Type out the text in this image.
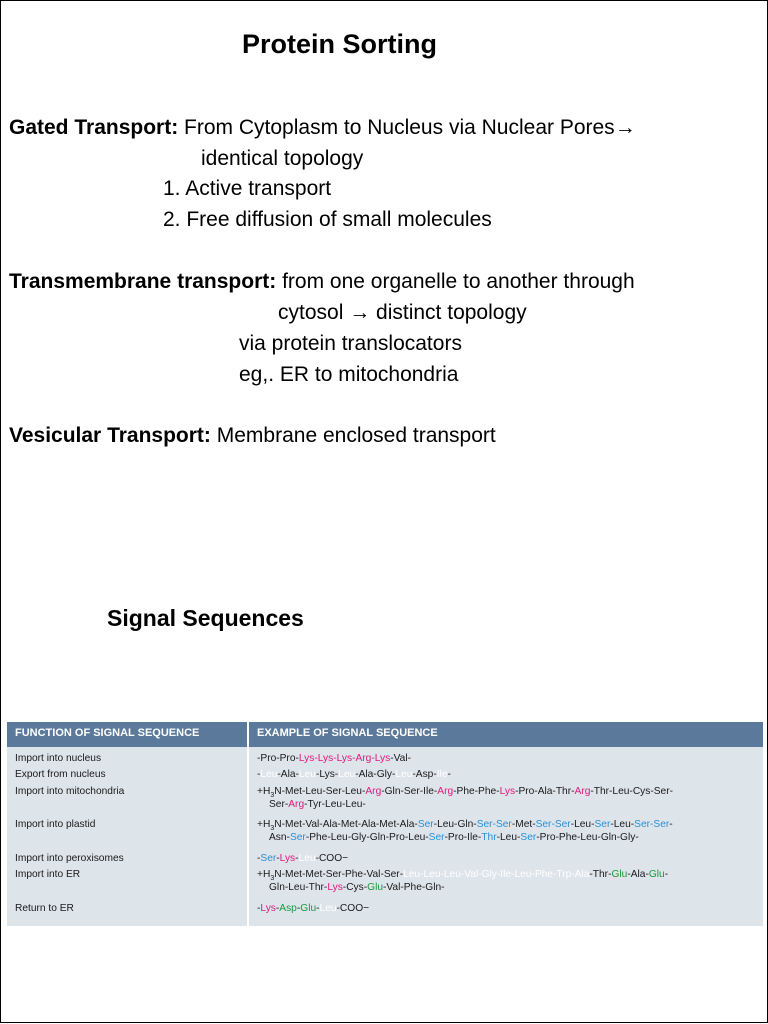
Protein Sorting
Gated Transport: From Cytoplasm to Nucleus via Nuclear Pores→
identical topology
1. Active transport
2. Free diffusion of small molecules
Transmembrane transport: from one organelle to another through
cytosol → distinct topology
via protein translocators
eg,. ER to mitochondria
Vesicular Transport: Membrane enclosed transport
Signal Sequences
FUNCTION OF SIGNAL SEQUENCE	EXAMPLE OF SIGNAL SEQUENCE
Import into nucleus
Export from nucleus
Import into mitochondria
Import into plastid
Import into peroxisomes
Import into ER
Return to ER
-Pro-Pro-Lys-Lys-Lys-Arg-Lys-Val-
-Leu-Ala-Leu-Lys-Leu-Ala-Gly-Leu-Asp-Ile-
$+H_3N-Met-Leu-Ser-Leu-Arg-Gln-Ser-Ile-Arg-Phe-Phe-Lys-Pro-Ala-Thr-Arg-Thr-Leu-Cys-Ser-$
Ser-Arg-Tyr-Leu-Leu-
$+H_3N-Met-Val-Ala-Met-Ala-Met-Ala-Ser-Leu-Gln-Ser-Ser-Met-Ser-Ser-Leu-Ser-Leu-Ser-Ser-$
Asn-Ser-Phe-Leu-Gly-Gln-Pro-Leu-Ser-Pro-Ile-Thr-Leu-Ser-Pro-Phe-Leu-Gln-Gly-
-Ser-Lys-Leu-COO−
$+H_3N-Met-Met-Ser-Phe-Val-Ser-Leu-Leu-Leu-Val-Gly-Ile-Leu-Phe-Trp-Ala-Thr-Glu-Ala-Glu-$
Gln-Leu-Thr-Lys-Cys-Glu-Val-Phe-Gln-
-Lys-Asp-Glu-Leu-COO−
